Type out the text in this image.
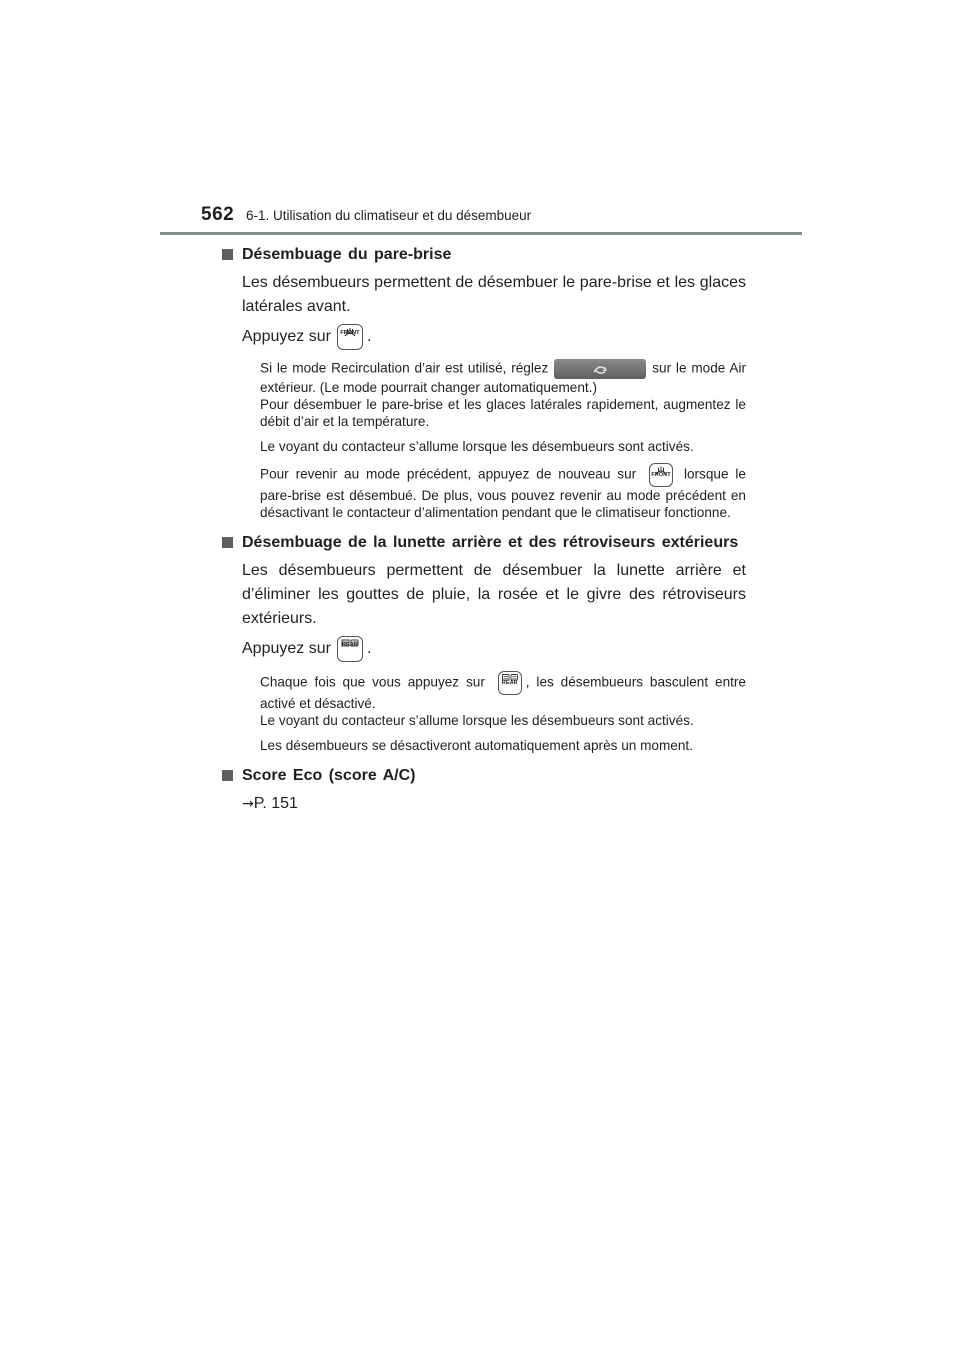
562 6-1. Utilisation du climatiseur et du désembueur
Désembuage du pare-brise
Les désembueurs permettent de désembuer le pare-brise et les glaces latérales avant.
Appuyez sur	FRONT .
Si le mode Recirculation d’air est utilisé, réglez	sur le mode Air extérieur. (Le mode pourrait changer automatiquement.)
Pour désembuer le pare-brise et les glaces latérales rapidement, augmentez le débit d’air et la température.
Le voyant du contacteur s’allume lorsque les désembueurs sont activés.
Pour revenir au mode précédent, appuyez de nouveau sur	FRONT lorsque le pare-brise est désembué. De plus, vous pouvez revenir au mode précédent en désactivant le contacteur d’alimentation pendant que le climatiseur fonctionne.
Désembuage de la lunette arrière et des rétroviseurs extérieurs
Les désembueurs permettent de désembuer la lunette arrière et d’éliminer les gouttes de pluie, la rosée et le givre des rétroviseurs extérieurs.
Appuyez sur	REAR .
Chaque fois que vous appuyez sur	REAR , les désembueurs basculent entre activé et désactivé.
Le voyant du contacteur s’allume lorsque les désembueurs sont activés.
Les désembueurs se désactiveront automatiquement après un moment.
Score Eco (score A/C)
→P. 151
